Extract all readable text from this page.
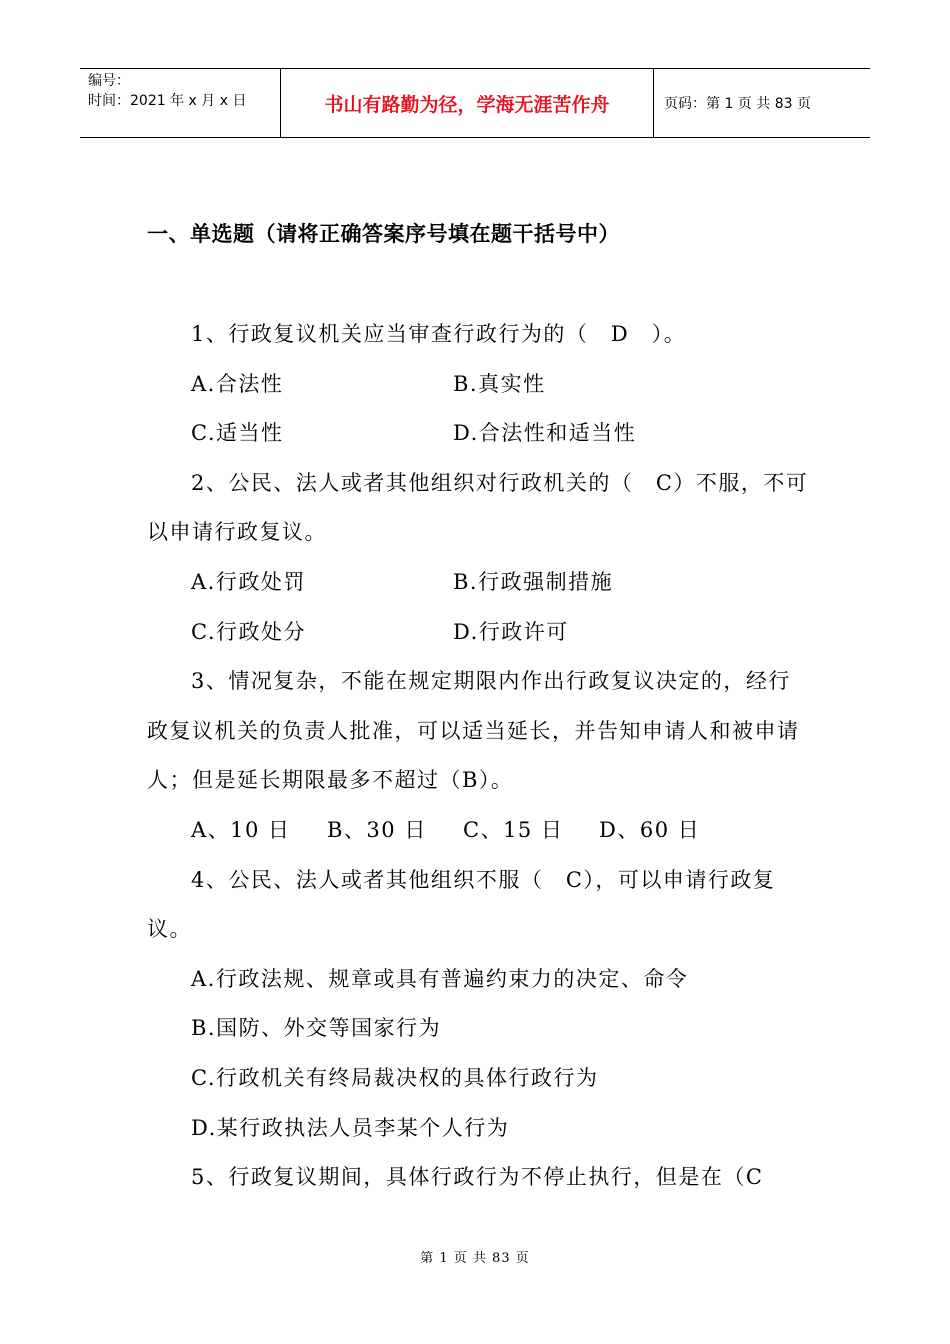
编号：
时间：2021 年 x 月 x 日	书山有路勤为径，学海无涯苦作舟	页码：第 1 页 共 83 页
一、单选题（请将正确答案序号填在题干括号中）

1、行政复议机关应当审查行政行为的（　D　）。

A.合法性	B.真实性
C.适当性	D.合法性和适当性

2、公民、法人或者其他组织对行政机关的（　C）不服，不可以申请行政复议。

A.行政处罚	B.行政强制措施
C.行政处分	D.行政许可

3、情况复杂，不能在规定期限内作出行政复议决定的，经行政复议机关的负责人批准，可以适当延长，并告知申请人和被申请人；但是延长期限最多不超过（B）。

A、10 日	B、30 日	C、15 日	D、60 日

4、公民、法人或者其他组织不服（　C），可以申请行政复议。

A.行政法规、规章或具有普遍约束力的决定、命令

B.国防、外交等国家行为

C.行政机关有终局裁决权的具体行政行为

D.某行政执法人员李某个人行为

5、行政复议期间，具体行政行为不停止执行，但是在（C

第 1 页 共 83 页
